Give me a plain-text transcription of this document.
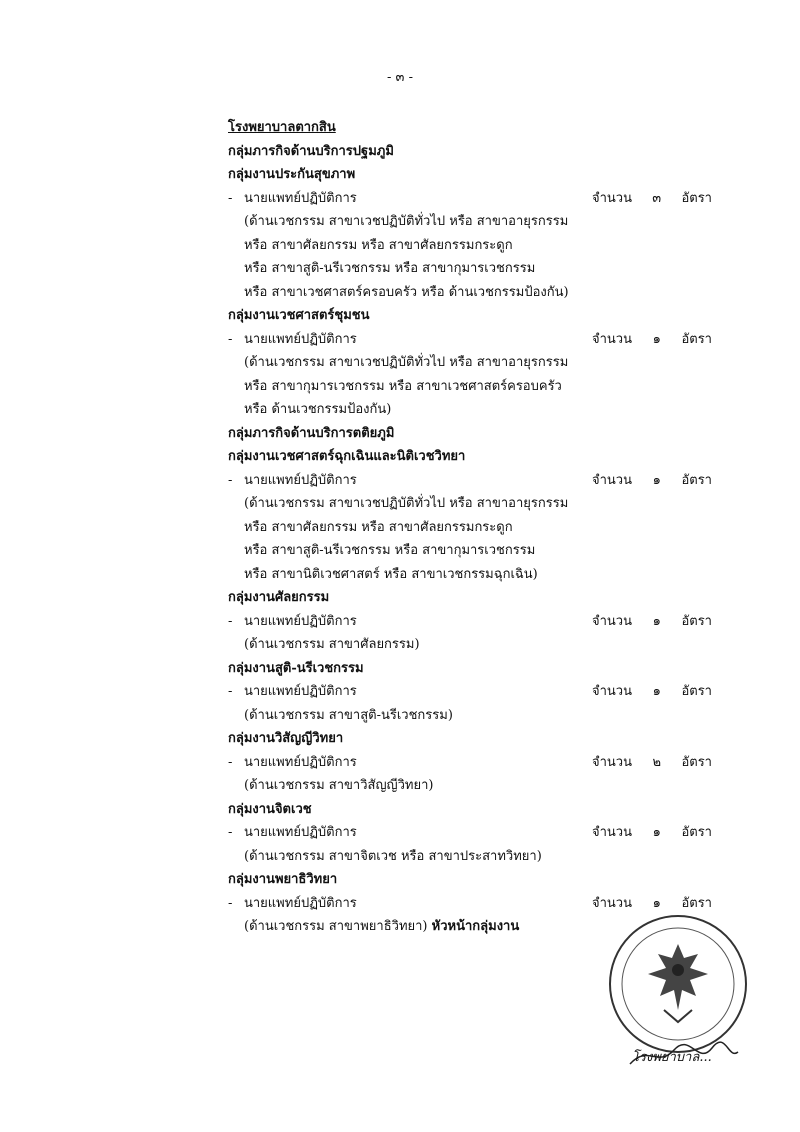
- ๓ -
โรงพยาบาลตากสิน
กลุ่มภารกิจด้านบริการปฐมภูมิ
กลุ่มงานประกันสุขภาพ
- นายแพทย์ปฏิบัติการ	จำนวน ๓ อัตรา
(ด้านเวชกรรม สาขาเวชปฏิบัติทั่วไป หรือ สาขาอายุรกรรม
หรือ สาขาศัลยกรรม หรือ สาขาศัลยกรรมกระดูก
หรือ สาขาสูติ-นรีเวชกรรม หรือ สาขากุมารเวชกรรม
หรือ สาขาเวชศาสตร์ครอบครัว หรือ ด้านเวชกรรมป้องกัน)
กลุ่มงานเวชศาสตร์ชุมชน
- นายแพทย์ปฏิบัติการ	จำนวน ๑ อัตรา
(ด้านเวชกรรม สาขาเวชปฏิบัติทั่วไป หรือ สาขาอายุรกรรม
หรือ สาขากุมารเวชกรรม หรือ สาขาเวชศาสตร์ครอบครัว
หรือ ด้านเวชกรรมป้องกัน)
กลุ่มภารกิจด้านบริการตติยภูมิ
กลุ่มงานเวชศาสตร์ฉุกเฉินและนิติเวชวิทยา
- นายแพทย์ปฏิบัติการ	จำนวน ๑ อัตรา
(ด้านเวชกรรม สาขาเวชปฏิบัติทั่วไป หรือ สาขาอายุรกรรม
หรือ สาขาศัลยกรรม หรือ สาขาศัลยกรรมกระดูก
หรือ สาขาสูติ-นรีเวชกรรม หรือ สาขากุมารเวชกรรม
หรือ สาขานิติเวชศาสตร์ หรือ สาขาเวชกรรมฉุกเฉิน)
กลุ่มงานศัลยกรรม
- นายแพทย์ปฏิบัติการ	จำนวน ๑ อัตรา
(ด้านเวชกรรม สาขาศัลยกรรม)
กลุ่มงานสูติ-นรีเวชกรรม
- นายแพทย์ปฏิบัติการ	จำนวน ๑ อัตรา
(ด้านเวชกรรม สาขาสูติ-นรีเวชกรรม)
กลุ่มงานวิสัญญีวิทยา
- นายแพทย์ปฏิบัติการ	จำนวน ๒ อัตรา
(ด้านเวชกรรม สาขาวิสัญญีวิทยา)
กลุ่มงานจิตเวช
- นายแพทย์ปฏิบัติการ	จำนวน ๑ อัตรา
(ด้านเวชกรรม สาขาจิตเวช หรือ สาขาประสาทวิทยา)
กลุ่มงานพยาธิวิทยา
- นายแพทย์ปฏิบัติการ	จำนวน ๑ อัตรา
(ด้านเวชกรรม สาขาพยาธิวิทยา) หัวหน้ากลุ่มงาน
โรงพยาบาล...
